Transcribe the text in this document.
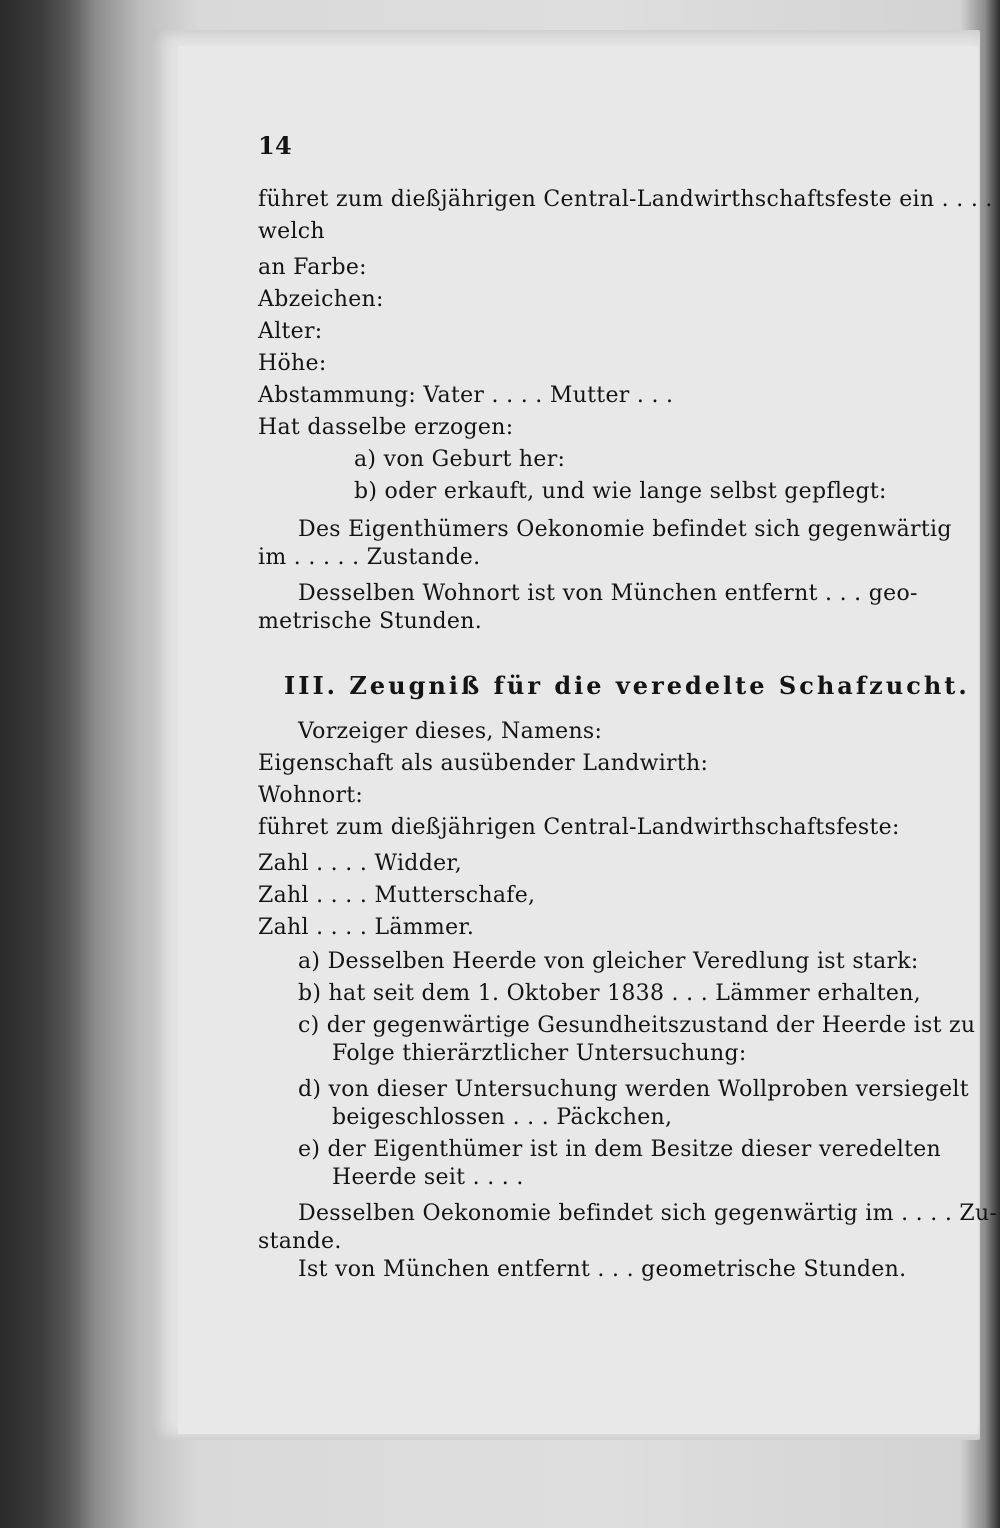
14
führet zum dießjährigen Central-Landwirthschaftsfeste ein . . . .
welch
an Farbe:
Abzeichen:
Alter:
Höhe:
Abstammung: Vater . . . . Mutter . . .
Hat dasselbe erzogen:
a) von Geburt her:
b) oder erkauft, und wie lange selbst gepflegt:
Des Eigenthümers Oekonomie befindet sich gegenwärtig
im . . . . . Zustande.
Desselben Wohnort ist von München entfernt . . . geo-
metrische Stunden.
III. Zeugniß für die veredelte Schafzucht.
Vorzeiger dieses, Namens:
Eigenschaft als ausübender Landwirth:
Wohnort:
führet zum dießjährigen Central-Landwirthschaftsfeste:
Zahl . . . . Widder,
Zahl . . . . Mutterschafe,
Zahl . . . . Lämmer.
a) Desselben Heerde von gleicher Veredlung ist stark:
b) hat seit dem 1. Oktober 1838 . . . Lämmer erhalten,
c) der gegenwärtige Gesundheitszustand der Heerde ist zu
Folge thierärztlicher Untersuchung:
d) von dieser Untersuchung werden Wollproben versiegelt
beigeschlossen . . . Päckchen,
e) der Eigenthümer ist in dem Besitze dieser veredelten
Heerde seit . . . .
Desselben Oekonomie befindet sich gegenwärtig im . . . . Zu-
stande.
Ist von München entfernt . . . geometrische Stunden.
